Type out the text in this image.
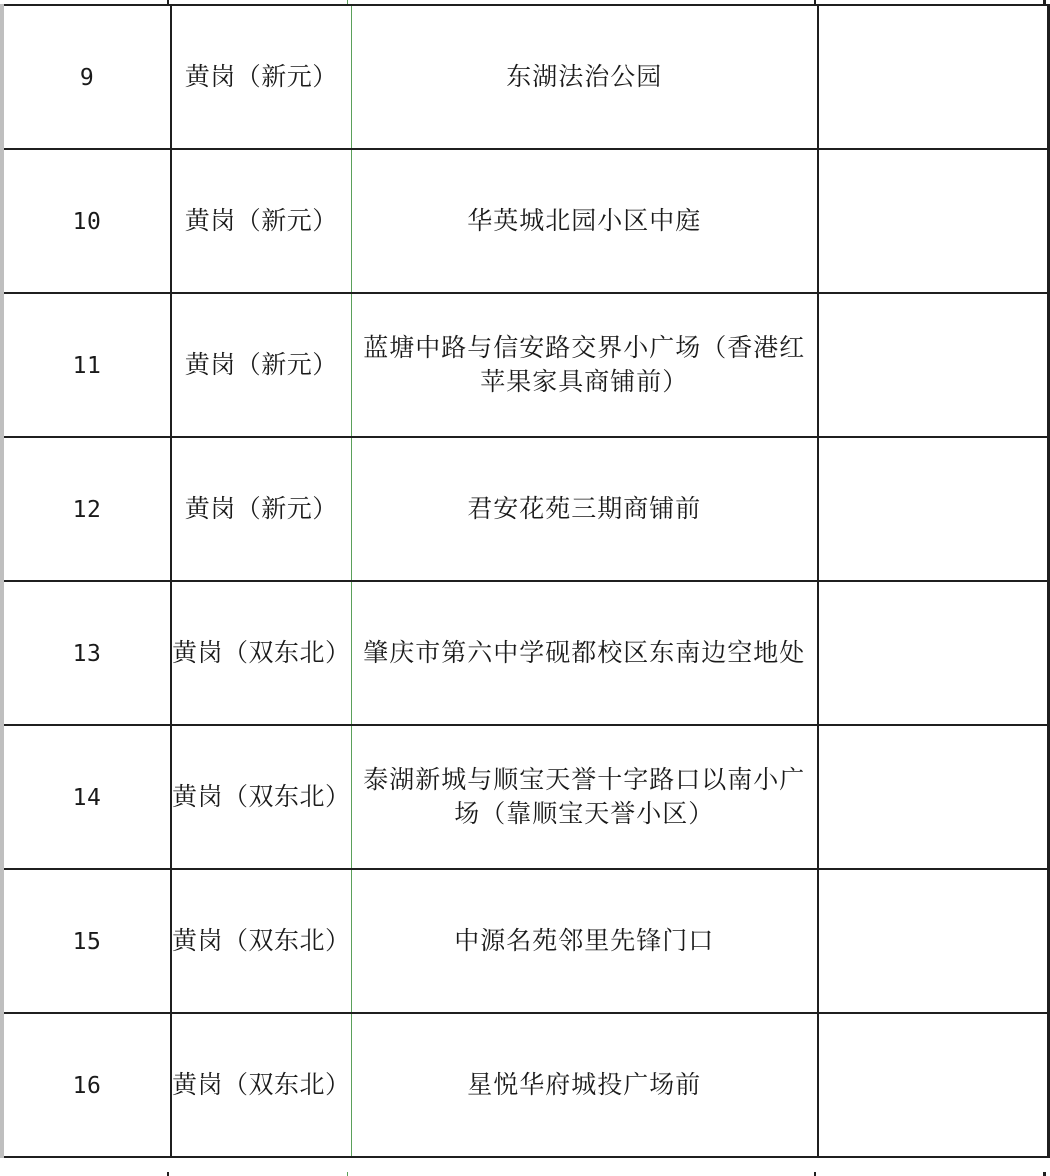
9	黄岗（新元）	东湖法治公园	
10	黄岗（新元）	华英城北园小区中庭	
11	黄岗（新元）	蓝塘中路与信安路交界小广场（香港红苹果家具商铺前）	
12	黄岗（新元）	君安花苑三期商铺前	
13	黄岗（双东北）	肇庆市第六中学砚都校区东南边空地处	
14	黄岗（双东北）	泰湖新城与顺宝天誉十字路口以南小广场（靠顺宝天誉小区）	
15	黄岗（双东北）	中源名苑邻里先锋门口	
16	黄岗（双东北）	星悦华府城投广场前	
